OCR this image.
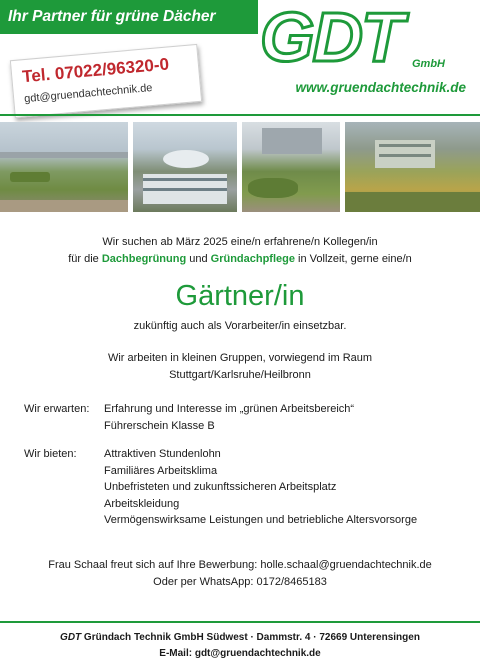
Ihr Partner für grüne Dächer
Tel. 07022/96320-0
gdt@gruendachtechnik.de
GDT GmbH
www.gruendachtechnik.de
Wir suchen ab März 2025 eine/n erfahrene/n Kollegen/in
für die Dachbegrünung und Gründachpflege in Vollzeit, gerne eine/n
Gärtner/in
zukünftig auch als Vorarbeiter/in einsetzbar.
Wir arbeiten in kleinen Gruppen, vorwiegend im Raum
Stuttgart/Karlsruhe/Heilbronn
Wir erwarten: Erfahrung und Interesse im „grünen Arbeitsbereich“
Führerschein Klasse B
Wir bieten: Attraktiven Stundenlohn
Familiäres Arbeitsklima
Unbefristeten und zukunftssicheren Arbeitsplatz
Arbeitskleidung
Vermögenswirksame Leistungen und betriebliche Altersvorsorge
Frau Schaal freut sich auf Ihre Bewerbung: holle.schaal@gruendachtechnik.de
Oder per WhatsApp: 0172/8465183
GDT Gründach Technik GmbH Südwest · Dammstr. 4 · 72669 Unterensingen
E-Mail: gdt@gruendachtechnik.de
